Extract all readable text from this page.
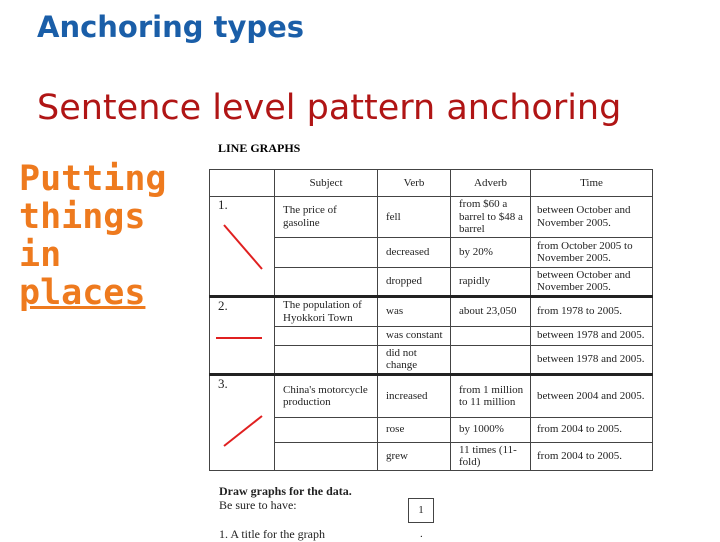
Anchoring types
Sentence level pattern anchoring
Putting
things
in
places
LINE GRAPHS
	Subject	Verb	Adverb	Time
1.	The price of gasoline	fell	from $60 a barrel to $48 a barrel	between October and November 2005.
		decreased	by 20%	from October 2005 to November 2005.
		dropped	rapidly	between October and November 2005.
2.	The population of Hyokkori Town	was	about 23,050	from 1978 to 2005.
		was constant		between 1978 and 2005.
		did not change		between 1978 and 2005.
3.	China's motorcycle production	increased	from 1 million to 11 million	between 2004 and 2005.
		rose	by 1000%	from 2004 to 2005.
		grew	11 times (11-fold)	from 2004 to 2005.
Draw graphs for the data.
Be sure to have:
1. A title for the graph
1
.
